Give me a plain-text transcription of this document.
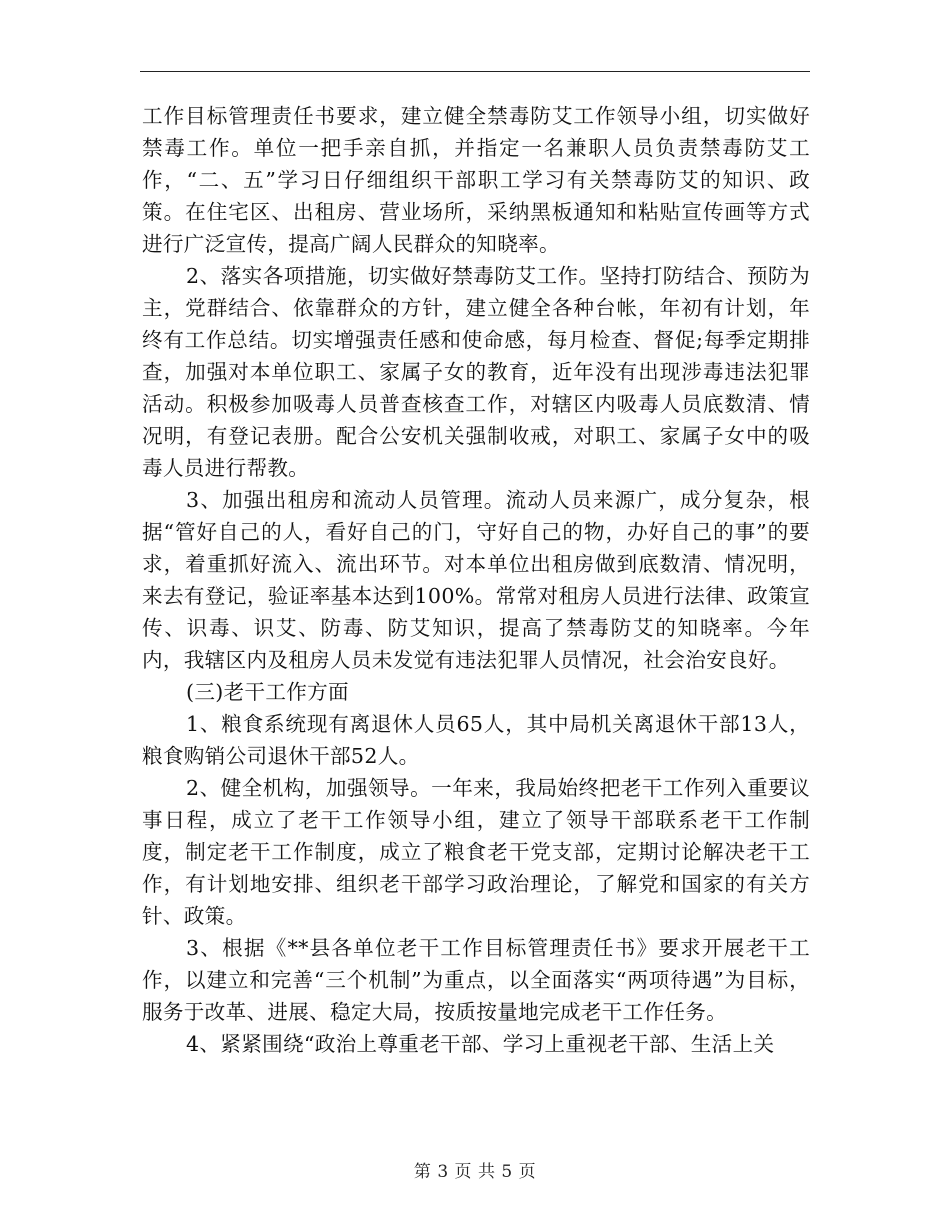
工作目标管理责任书要求，建立健全禁毒防艾工作领导小组，切实做好禁毒工作。单位一把手亲自抓，并指定一名兼职人员负责禁毒防艾工作，“二、五”学习日仔细组织干部职工学习有关禁毒防艾的知识、政策。在住宅区、出租房、营业场所，采纳黑板通知和粘贴宣传画等方式进行广泛宣传，提高广阔人民群众的知晓率。

2、落实各项措施，切实做好禁毒防艾工作。坚持打防结合、预防为主，党群结合、依靠群众的方针，建立健全各种台帐，年初有计划，年终有工作总结。切实增强责任感和使命感，每月检查、督促;每季定期排查，加强对本单位职工、家属子女的教育，近年没有出现涉毒违法犯罪活动。积极参加吸毒人员普查核查工作，对辖区内吸毒人员底数清、情况明，有登记表册。配合公安机关强制收戒，对职工、家属子女中的吸毒人员进行帮教。

3、加强出租房和流动人员管理。流动人员来源广，成分复杂，根据“管好自己的人，看好自己的门，守好自己的物，办好自己的事”的要求，着重抓好流入、流出环节。对本单位出租房做到底数清、情况明，来去有登记，验证率基本达到100%。常常对租房人员进行法律、政策宣传、识毒、识艾、防毒、防艾知识，提高了禁毒防艾的知晓率。今年内，我辖区内及租房人员未发觉有违法犯罪人员情况，社会治安良好。

(三)老干工作方面

1、粮食系统现有离退休人员65人，其中局机关离退休干部13人，粮食购销公司退休干部52人。

2、健全机构，加强领导。一年来，我局始终把老干工作列入重要议事日程，成立了老干工作领导小组，建立了领导干部联系老干工作制度，制定老干工作制度，成立了粮食老干党支部，定期讨论解决老干工作，有计划地安排、组织老干部学习政治理论，了解党和国家的有关方针、政策。

3、根据《**县各单位老干工作目标管理责任书》要求开展老干工作，以建立和完善“三个机制”为重点，以全面落实“两项待遇”为目标，服务于改革、进展、稳定大局，按质按量地完成老干工作任务。

4、紧紧围绕“政治上尊重老干部、学习上重视老干部、生活上关

第 3 页 共 5 页
